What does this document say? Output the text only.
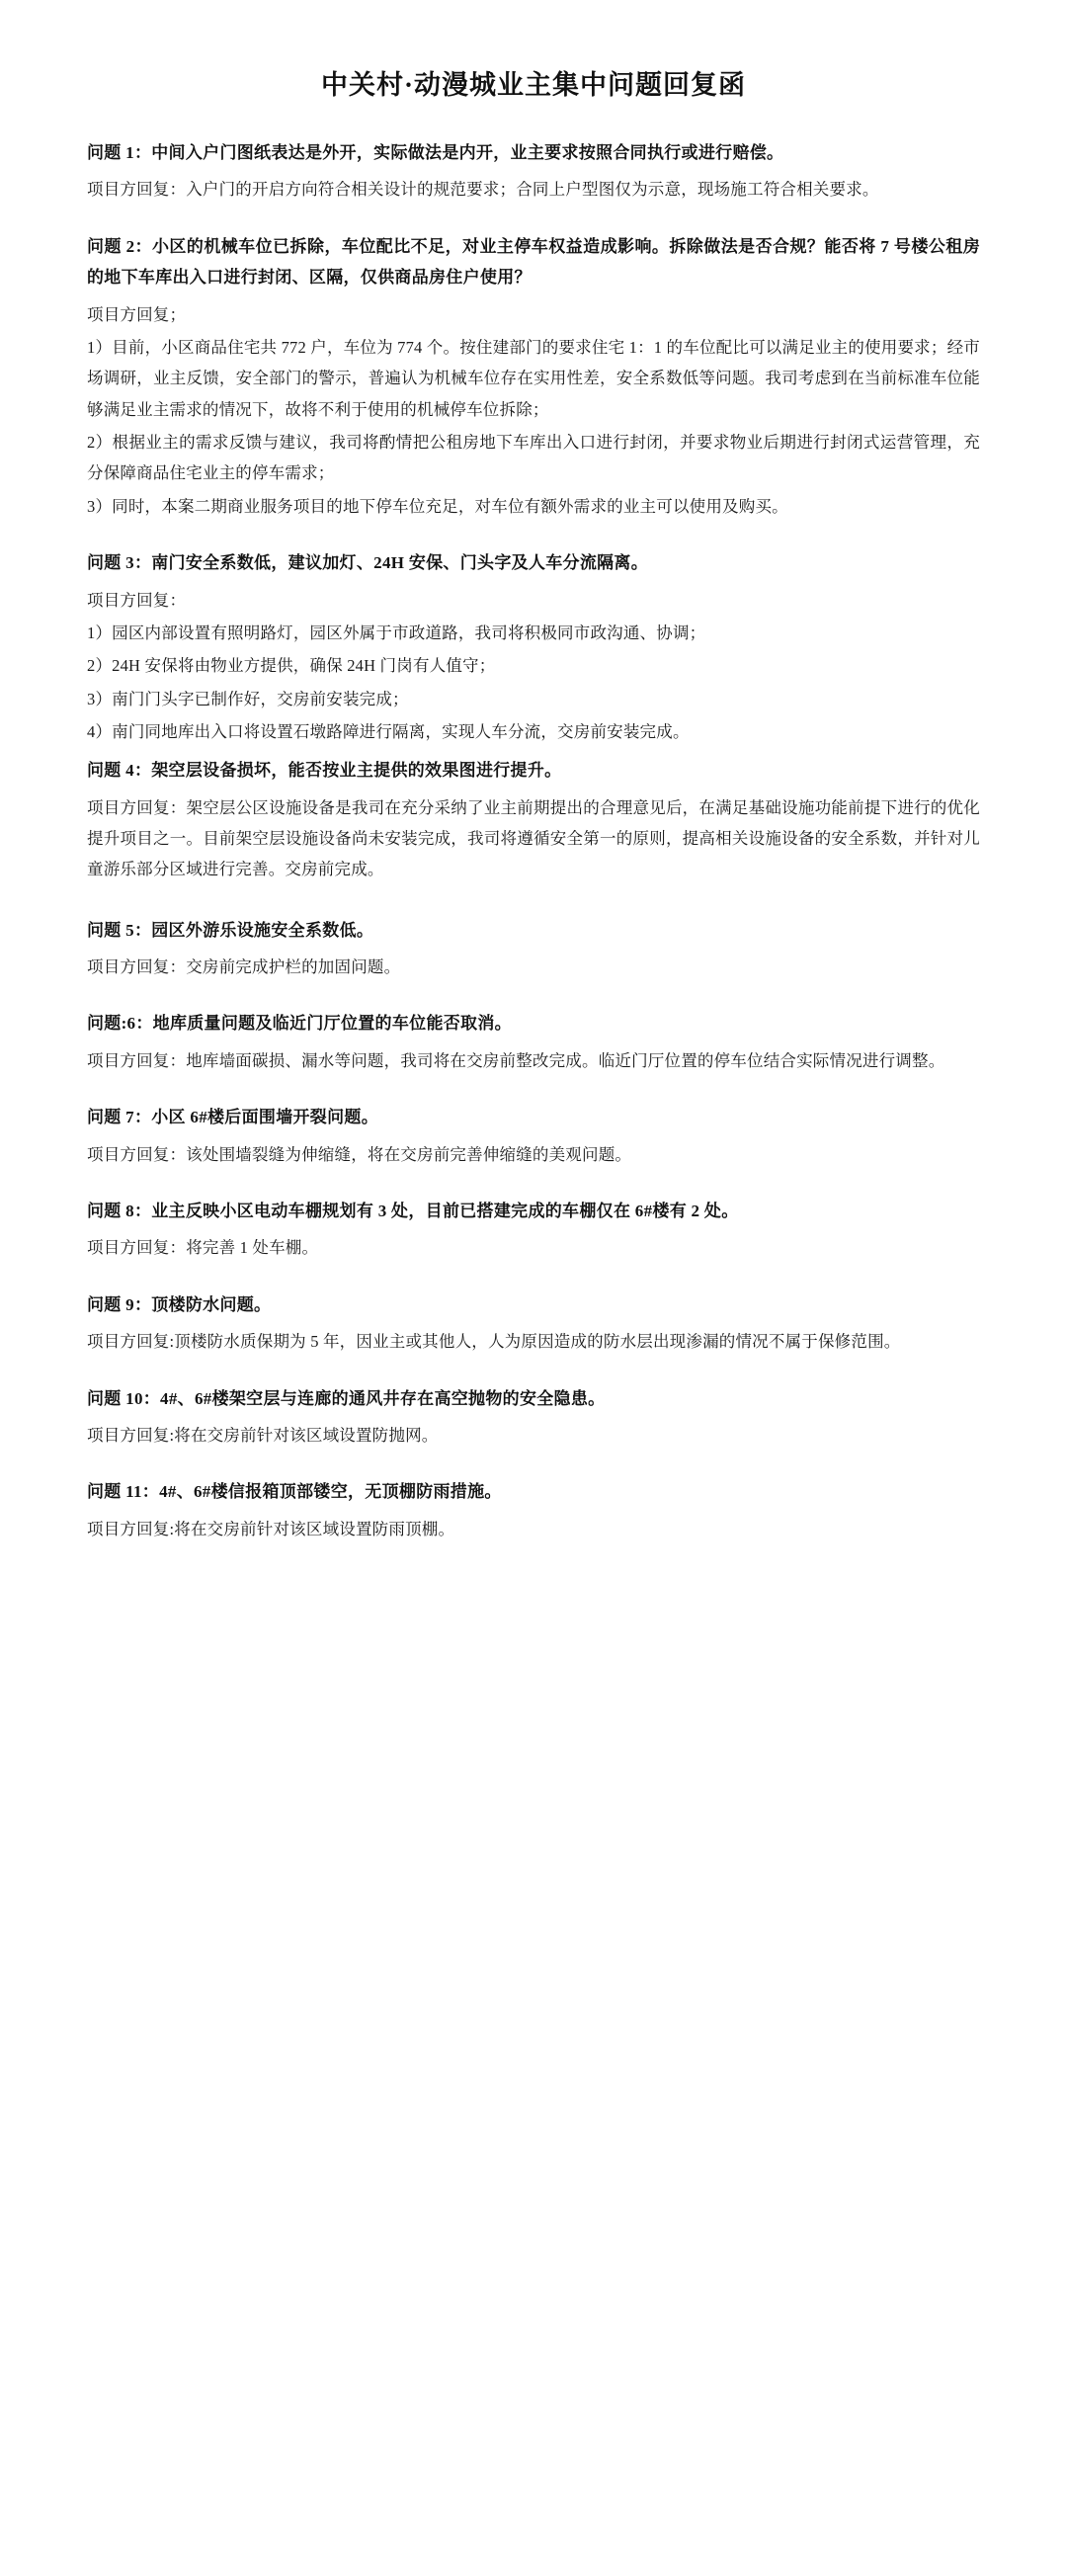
中关村·动漫城业主集中问题回复函
问题 1：中间入户门图纸表达是外开，实际做法是内开，业主要求按照合同执行或进行赔偿。
项目方回复：入户门的开启方向符合相关设计的规范要求；合同上户型图仅为示意，现场施工符合相关要求。
问题 2：小区的机械车位已拆除，车位配比不足，对业主停车权益造成影响。拆除做法是否合规？能否将 7 号楼公租房的地下车库出入口进行封闭、区隔，仅供商品房住户使用？
项目方回复；
1）目前，小区商品住宅共 772 户，车位为 774 个。按住建部门的要求住宅 1：1 的车位配比可以满足业主的使用要求；经市场调研，业主反馈，安全部门的警示，普遍认为机械车位存在实用性差，安全系数低等问题。我司考虑到在当前标准车位能够满足业主需求的情况下，故将不利于使用的机械停车位拆除；
2）根据业主的需求反馈与建议，我司将酌情把公租房地下车库出入口进行封闭，并要求物业后期进行封闭式运营管理，充分保障商品住宅业主的停车需求；
3）同时，本案二期商业服务项目的地下停车位充足，对车位有额外需求的业主可以使用及购买。
问题 3：南门安全系数低，建议加灯、24H 安保、门头字及人车分流隔离。
项目方回复：
1）园区内部设置有照明路灯，园区外属于市政道路，我司将积极同市政沟通、协调；
2）24H 安保将由物业方提供，确保 24H 门岗有人值守；
3）南门门头字已制作好，交房前安装完成；
4）南门同地库出入口将设置石墩路障进行隔离，实现人车分流，交房前安装完成。
问题 4：架空层设备损坏，能否按业主提供的效果图进行提升。
项目方回复：架空层公区设施设备是我司在充分采纳了业主前期提出的合理意见后，在满足基础设施功能前提下进行的优化提升项目之一。目前架空层设施设备尚未安装完成，我司将遵循安全第一的原则，提高相关设施设备的安全系数，并针对儿童游乐部分区域进行完善。交房前完成。
问题 5：园区外游乐设施安全系数低。
项目方回复：交房前完成护栏的加固问题。
问题:6：地库质量问题及临近门厅位置的车位能否取消。
项目方回复：地库墙面碳损、漏水等问题，我司将在交房前整改完成。临近门厅位置的停车位结合实际情况进行调整。
问题 7：小区 6#楼后面围墙开裂问题。
项目方回复：该处围墙裂缝为伸缩缝，将在交房前完善伸缩缝的美观问题。
问题 8：业主反映小区电动车棚规划有 3 处，目前已搭建完成的车棚仅在 6#楼有 2 处。
项目方回复：将完善 1 处车棚。
问题 9：顶楼防水问题。
项目方回复:顶楼防水质保期为 5 年，因业主或其他人，人为原因造成的防水层出现渗漏的情况不属于保修范围。
问题 10：4#、6#楼架空层与连廊的通风井存在高空抛物的安全隐患。
项目方回复:将在交房前针对该区域设置防抛网。
问题 11：4#、6#楼信报箱顶部镂空，无顶棚防雨措施。
项目方回复:将在交房前针对该区域设置防雨顶棚。
